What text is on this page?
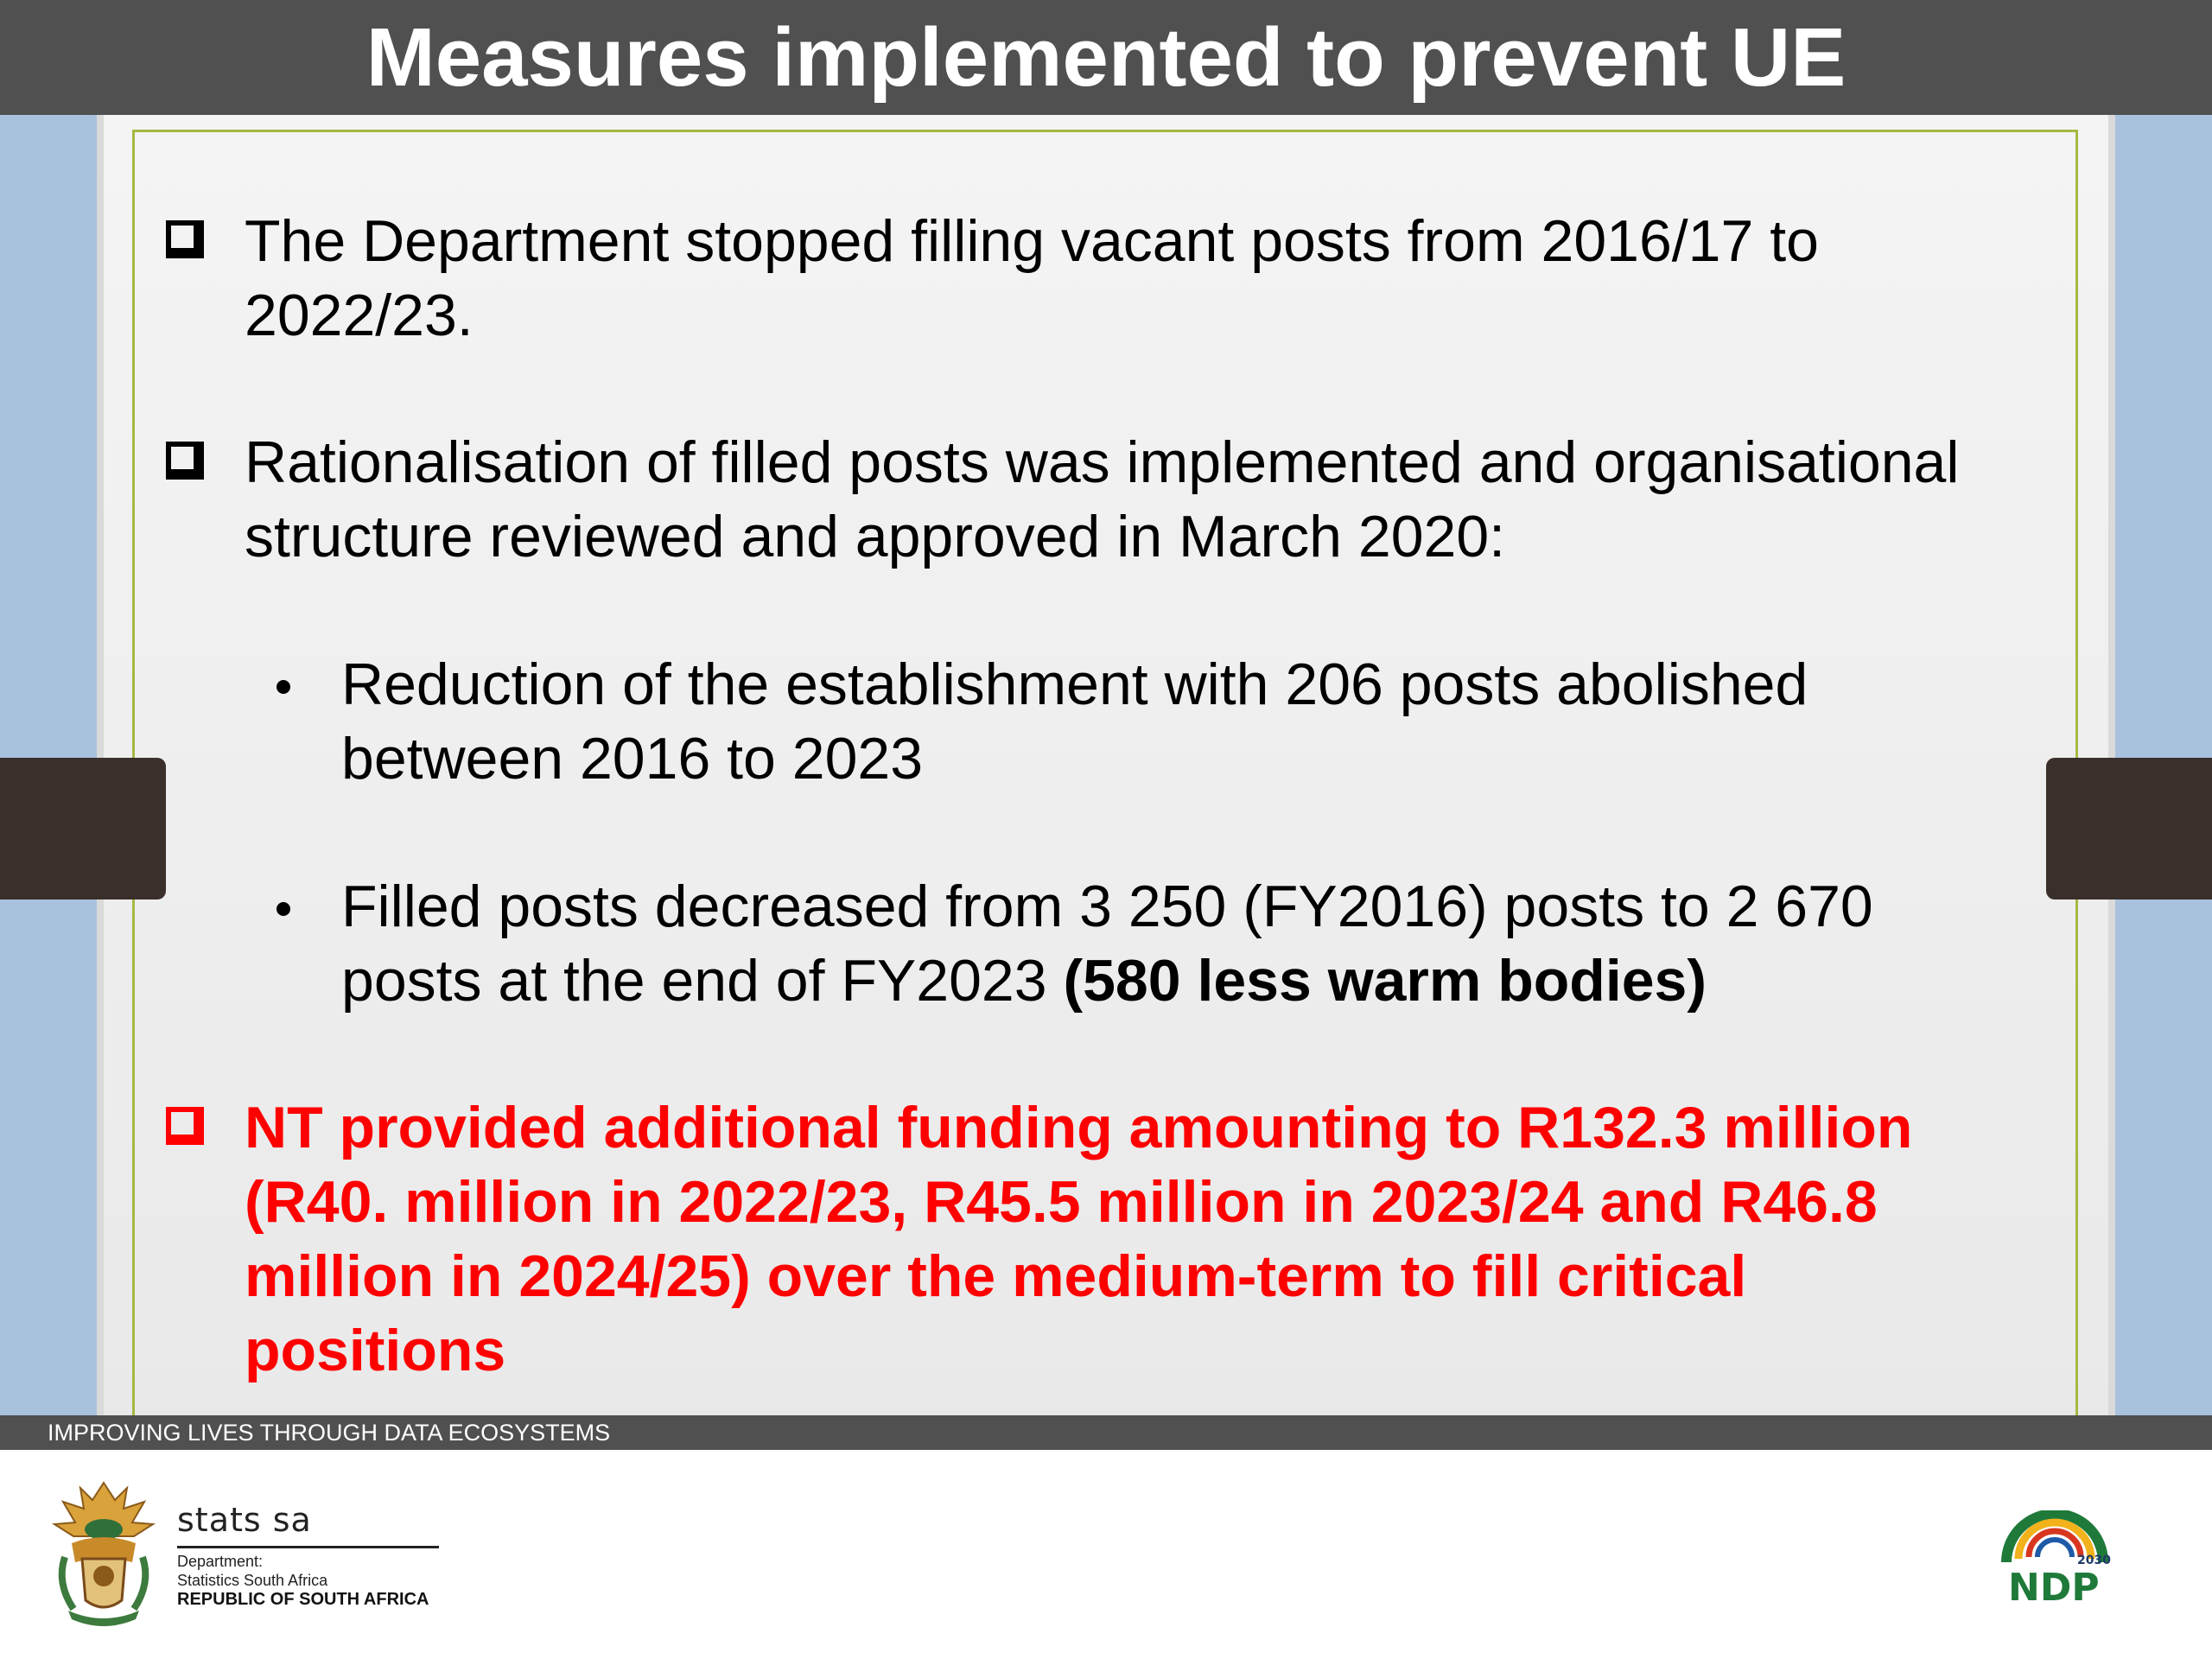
Measures implemented to prevent UE
The Department stopped filling vacant posts from 2016/17 to
2022/23.
Rationalisation of filled posts was implemented and organisational
structure reviewed and approved in March 2020:
Reduction of the establishment with 206 posts abolished
between 2016 to 2023
Filled posts decreased from 3 250 (FY2016) posts to 2 670
posts at the end of FY2023 (580 less warm bodies)
NT provided additional funding amounting to R132.3 million
(R40. million in 2022/23, R45.5 million in 2023/24 and R46.8
million in 2024/25) over the medium-term to fill critical
positions
IMPROVING LIVES THROUGH DATA ECOSYSTEMS
stats sa
Department:
Statistics South Africa
REPUBLIC OF SOUTH AFRICA
2030
NDP
